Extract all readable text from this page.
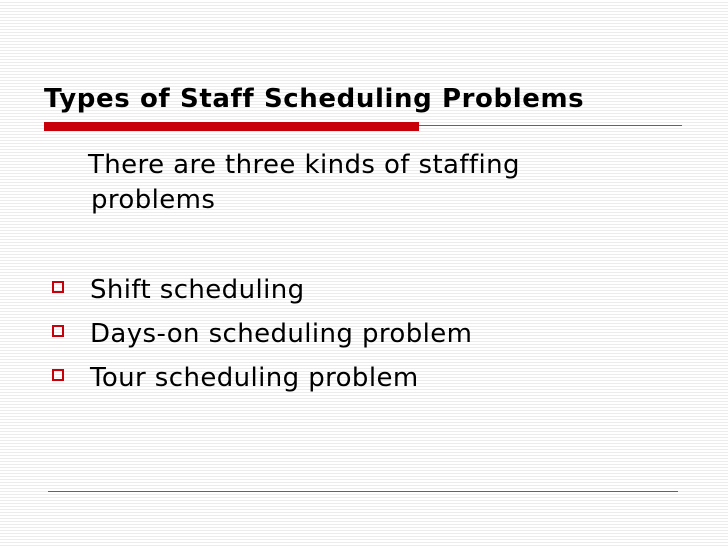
Types of Staff Scheduling Problems

There are three kinds of staffing
problems

Shift scheduling
Days-on scheduling problem
Tour scheduling problem
